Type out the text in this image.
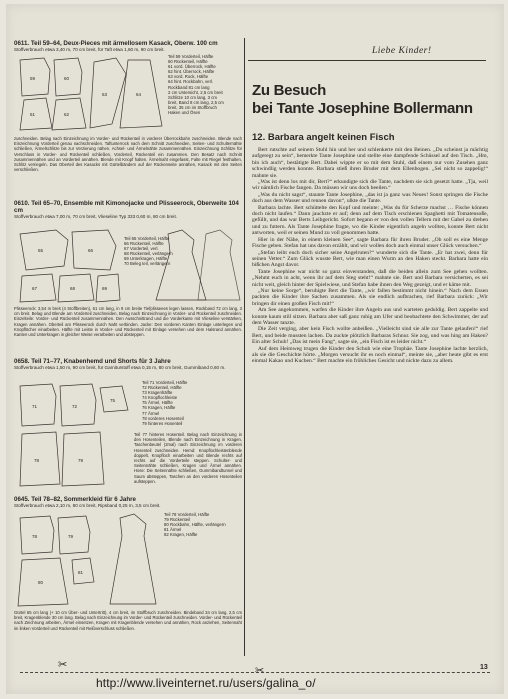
0611. Teil 59–64, Deux-Pieces mit ärmellosem Kasack, Oberw. 100 cm
Stoffverbrauch etwa 3,40 m, 70 cm breit, für Taft etwa 1,60 m, 90 cm breit.
59	60
61	62
63	64
Teil 59 Vorderteil, Hälfte
60 Rückenteil, Hälfte
61 vord. Überrock, Hälfte
62 hint. Überrock, Hälfte
63 vord. Rock, Hälfte
64 hint. Rockbahn, verl.
Rockband 81 cm lang
2 cm Untersicht, 2,5 cm breit
Schlitze 10 cm lang, 3 cm
breit, Band 8 cm lang, 2,5 cm
breit, 35 cm im Stoffbruch
Haken und Ösen
zuschneiden. Belag nach Einzeichnung im Vorder- und Rückenteil in vorderer Überrockbahn zuschneiden. Blende nach Einzeichnung Vorderteil genau nachschneiden. Taftunterrock nach dem Schnitt zuschneiden, Seiten- und Schulternähte schließen, Ärmelschlitze bis zur Verzierung nähen. Achsel- und Ärmelnähte zusammennähen. Einzeichnung Schlitze für Verschluss in Vorder- und Rückenteil schließen, Vorderteil, Rückenteil ein zusammen. Den Besatz nach Schnitt zusammennähen und an Vorderteil annähen. Blende mit Knopf halten. Ärmelnaht eingefasst, Falte mit Riegel festhalten, Schlitz verriegeln. Das Oberteil des Kasacks mit Gürtelbändern auf der Rückenseite annähen, Kasack mit den Seiten verschließen.
0610. Teil 65–70, Ensemble mit Kimonojacke und Plisseerock, Oberweite 104 cm
Stoffverbrauch etwa 7,00 m, 70 cm breit, Vlieseline Typ 333 0,60 m, 80 cm breit.
65	66
67	68	69
Teil 65 Vorderteil, Hälfte
66 Rückenteil, Hälfte
67 Vorderteil, verl.
68 Rückenteil, verlängern
69 Unterkragen, Hälfte
70 Beleg teil, verlängern
Plisseerock: 3,54 m breit (4 Stoffbreiten), 61 cm lang, in 9 cm breite Tiefplisseees legen lassen, Rockband 72 cm lang, 3 cm breit. Belag und Blende am Vorderteil zuschneiden, Belag nach Einzeichnung in Vorder- und Rückenteil zuschneiden. Einzelteile: Vorder- und Rückenteil zusammennähen. Den Ausschnittrand und die Vorderkante mit Vlieseline verstärken, Kragen annähen. Oberteil am Plisseerock durch Naht verbinden. Jacke: Den vorderen Kanten Einlage unterlegen und Knopflöcher einarbeiten. Hälfte mit Leiste in Vorder- und Rückenteil mit Einlage versehen und dem Halsrand annähen. Kanten und Unterkragen in gleicher Weise verarbeiten und absteppen.
0658. Teil 71–77, Knabenhemd und Shorts für 3 Jahre
Stoffverbrauch etwa 1,50 m, 90 cm breit, für Garniturstoff etwa 0,15 m, 80 cm breit, Gummiband 0,60 m.
71	72
75
78	79
Teil 71 Vorderteil, Hälfte
72 Rückenteil, Hälfte
73 Kragenhälfte
74 Knopflochleiste
75 Ärmel, Hälfte
76 Kragen, Hälfte
77 Ärmel
78 vorderes Hosenteil
79 hinteres Hosenteil
Teil 77 hinteres Hosenteil. Belag nach Einzeichnung in den Hosenteilen, Blende nach Einzeichnung in Kragen, Taschenbeutel (2mal) nach Einzeichnung im vorderen Hosenteil zuschneiden. Hemd: Knopflochleistenblende doppelt, Knopfloch einarbeiten und Blende rechts auf rechts auf die Vorderteile steppen. Schulter- und Seitennähte schließen, Kragen und Ärmel annähen. Hose: Die Seitennähte schließen, Gummibandtunnel und Saum absteppen, Taschen an den vorderen Hosenteilen aufsteppen.
0645. Teil 78–82, Sommerkleid für 6 Jahre
Stoffverbrauch etwa 2,10 m, 80 cm breit, Ripsband 0,25 m, 3,5 cm breit.
78	79
80
81
Teil 78 Vorderteil, Hälfte
79 Rückenteil
80 Rockbahn, Hälfte, verlängern
81 Ärmel
82 Kragen, Hälfte
Gürtel 65 cm lang (+ 10 cm Über- und Untertritt), 4 cm breit, im Stoffbruch zuschneiden. Bindeband 34 cm lang, 2,5 cm breit, Kragenblende 30 cm lang. Belag nach Einzeichnung im Vorder- und Rückenteil zuschneiden. Vorder- und Rückenteil nach Zeichnung arbeiten, Ärmel einsetzen, Kragen mit Kragenblende versehen und annähen, Rock anziehen, Seitennaht im linken Vorderteil und Rückenteil mit Reißverschluss schließen.
Liebe Kinder!
Zu Besuch
bei Tante Josephine Bollermann
12. Barbara angelt keinen Fisch

Bert rutschte auf seinem Stuhl hin und her und schlenkerte mit den Beinen. „Du scheinst ja mächtig aufgeregt zu sein“, bemerkte Tante Josephine und stellte eine dampfende Schüssel auf den Tisch. „Hm, bin ich auch“, bestätigte Bert. Dabei wippte er so mit dem Stuhl, daß einem nur vom Zusehen ganz schwindlig werden konnte. Barbara stieß ihren Bruder mit dem Ellenbogen. „Sei nicht so zappelig!“ mahnte sie.

„Was ist denn los mit dir, Bert?“ erkundigte sich die Tante, nachdem sie sich gesetzt hatte. „Tja, weil wir nämlich Fische fangen. Da müssen wir uns doch beeilen.“

„Was du nicht sagst“, staunte Tante Josephine, „das ist ja ganz was Neues! Sonst springen die Fische doch aus dem Wasser und rennen davon“, ulkte die Tante.

Barbara lachte. Bert schüttelte den Kopf und meinte: „Was du für Scherze machst … Fische können doch nicht laufen.“ Dann jauchzte er auf; denn auf dem Tisch erschienen Spaghetti mit Tomatensoße, gefüllt, und das war Berts Leibgericht. Sofort begann er von den vollen Tellern mit der Gabel zu drehen und zu futtern. Als Tante Josephine fragte, wo die Kinder eigentlich angeln wollten, konnte Bert nicht antworten, weil er seinen Mund zu voll genommen hatte.

Hier in der Nähe, in einem kleinen See“, sagte Barbara für ihren Bruder. „Ob soll es eine Menge Fische geben. Stefan hat uns davon erzählt, und wir wollen doch auch einmal unser Glück versuchen.“

„Stefan leiht euch doch sicher seine Angelruten?“ wunderte sich die Tante. „Er hat zwei, denn für seinen Vetter.“ Zum Glück wusste Bert, wie man einen Wurm an den Haken steckt. Barbara hatte ein bißchen Angst davor.

Tante Josephine war nicht so ganz einverstanden, daß die beiden allein zum See gehen wollten. „Nehmt euch in acht, wenn ihr auf dem Steg steht!“ mahnte sie. Bert und Barbara versicherten, es sei nicht weit, gleich hinter der Spielwiese, und Stefan habe ihnen den Weg gezeigt, und er käme mit.

„Nur keine Sorge“, beruhigte Bert die Tante, „wir fallen bestimmt nicht hinein.“ Nach dem Essen packten die Kinder ihre Sachen zusammen. Als sie endlich aufbrachen, rief Barbara zurück: „Wir bringen dir einen großen Fisch mit!“

Am See angekommen, warfen die Kinder ihre Angeln aus und warteten geduldig. Bert zappelte und konnte kaum still sitzen. Barbara aber saß ganz ruhig am Ufer und beobachtete den Schwimmer, der auf dem Wasser tanzte.

Die Zeit verging, aber kein Fisch wollte anbeißen. „Vielleicht sind sie alle zur Tante gelaufen!“ rief Bert, und beide mussten lachen. Da zuckte plötzlich Barbaras Schnur. Sie zog, und was hing am Haken? Ein alter Schuh! „Das ist mein Fang“, sagte sie, „ein Fisch ist es leider nicht.“

Auf dem Heimweg trugen die Kinder den Schuh wie eine Trophäe. Tante Josephine lachte herzlich, als sie die Geschichte hörte. „Morgen versucht ihr es noch einmal“, meinte sie, „aber heute gibt es erst einmal Kakao und Kuchen.“ Bert machte ein fröhliches Gesicht und nickte dazu zu allem.

✂	✂	13
http://www.liveinternet.ru/users/galina_o/
